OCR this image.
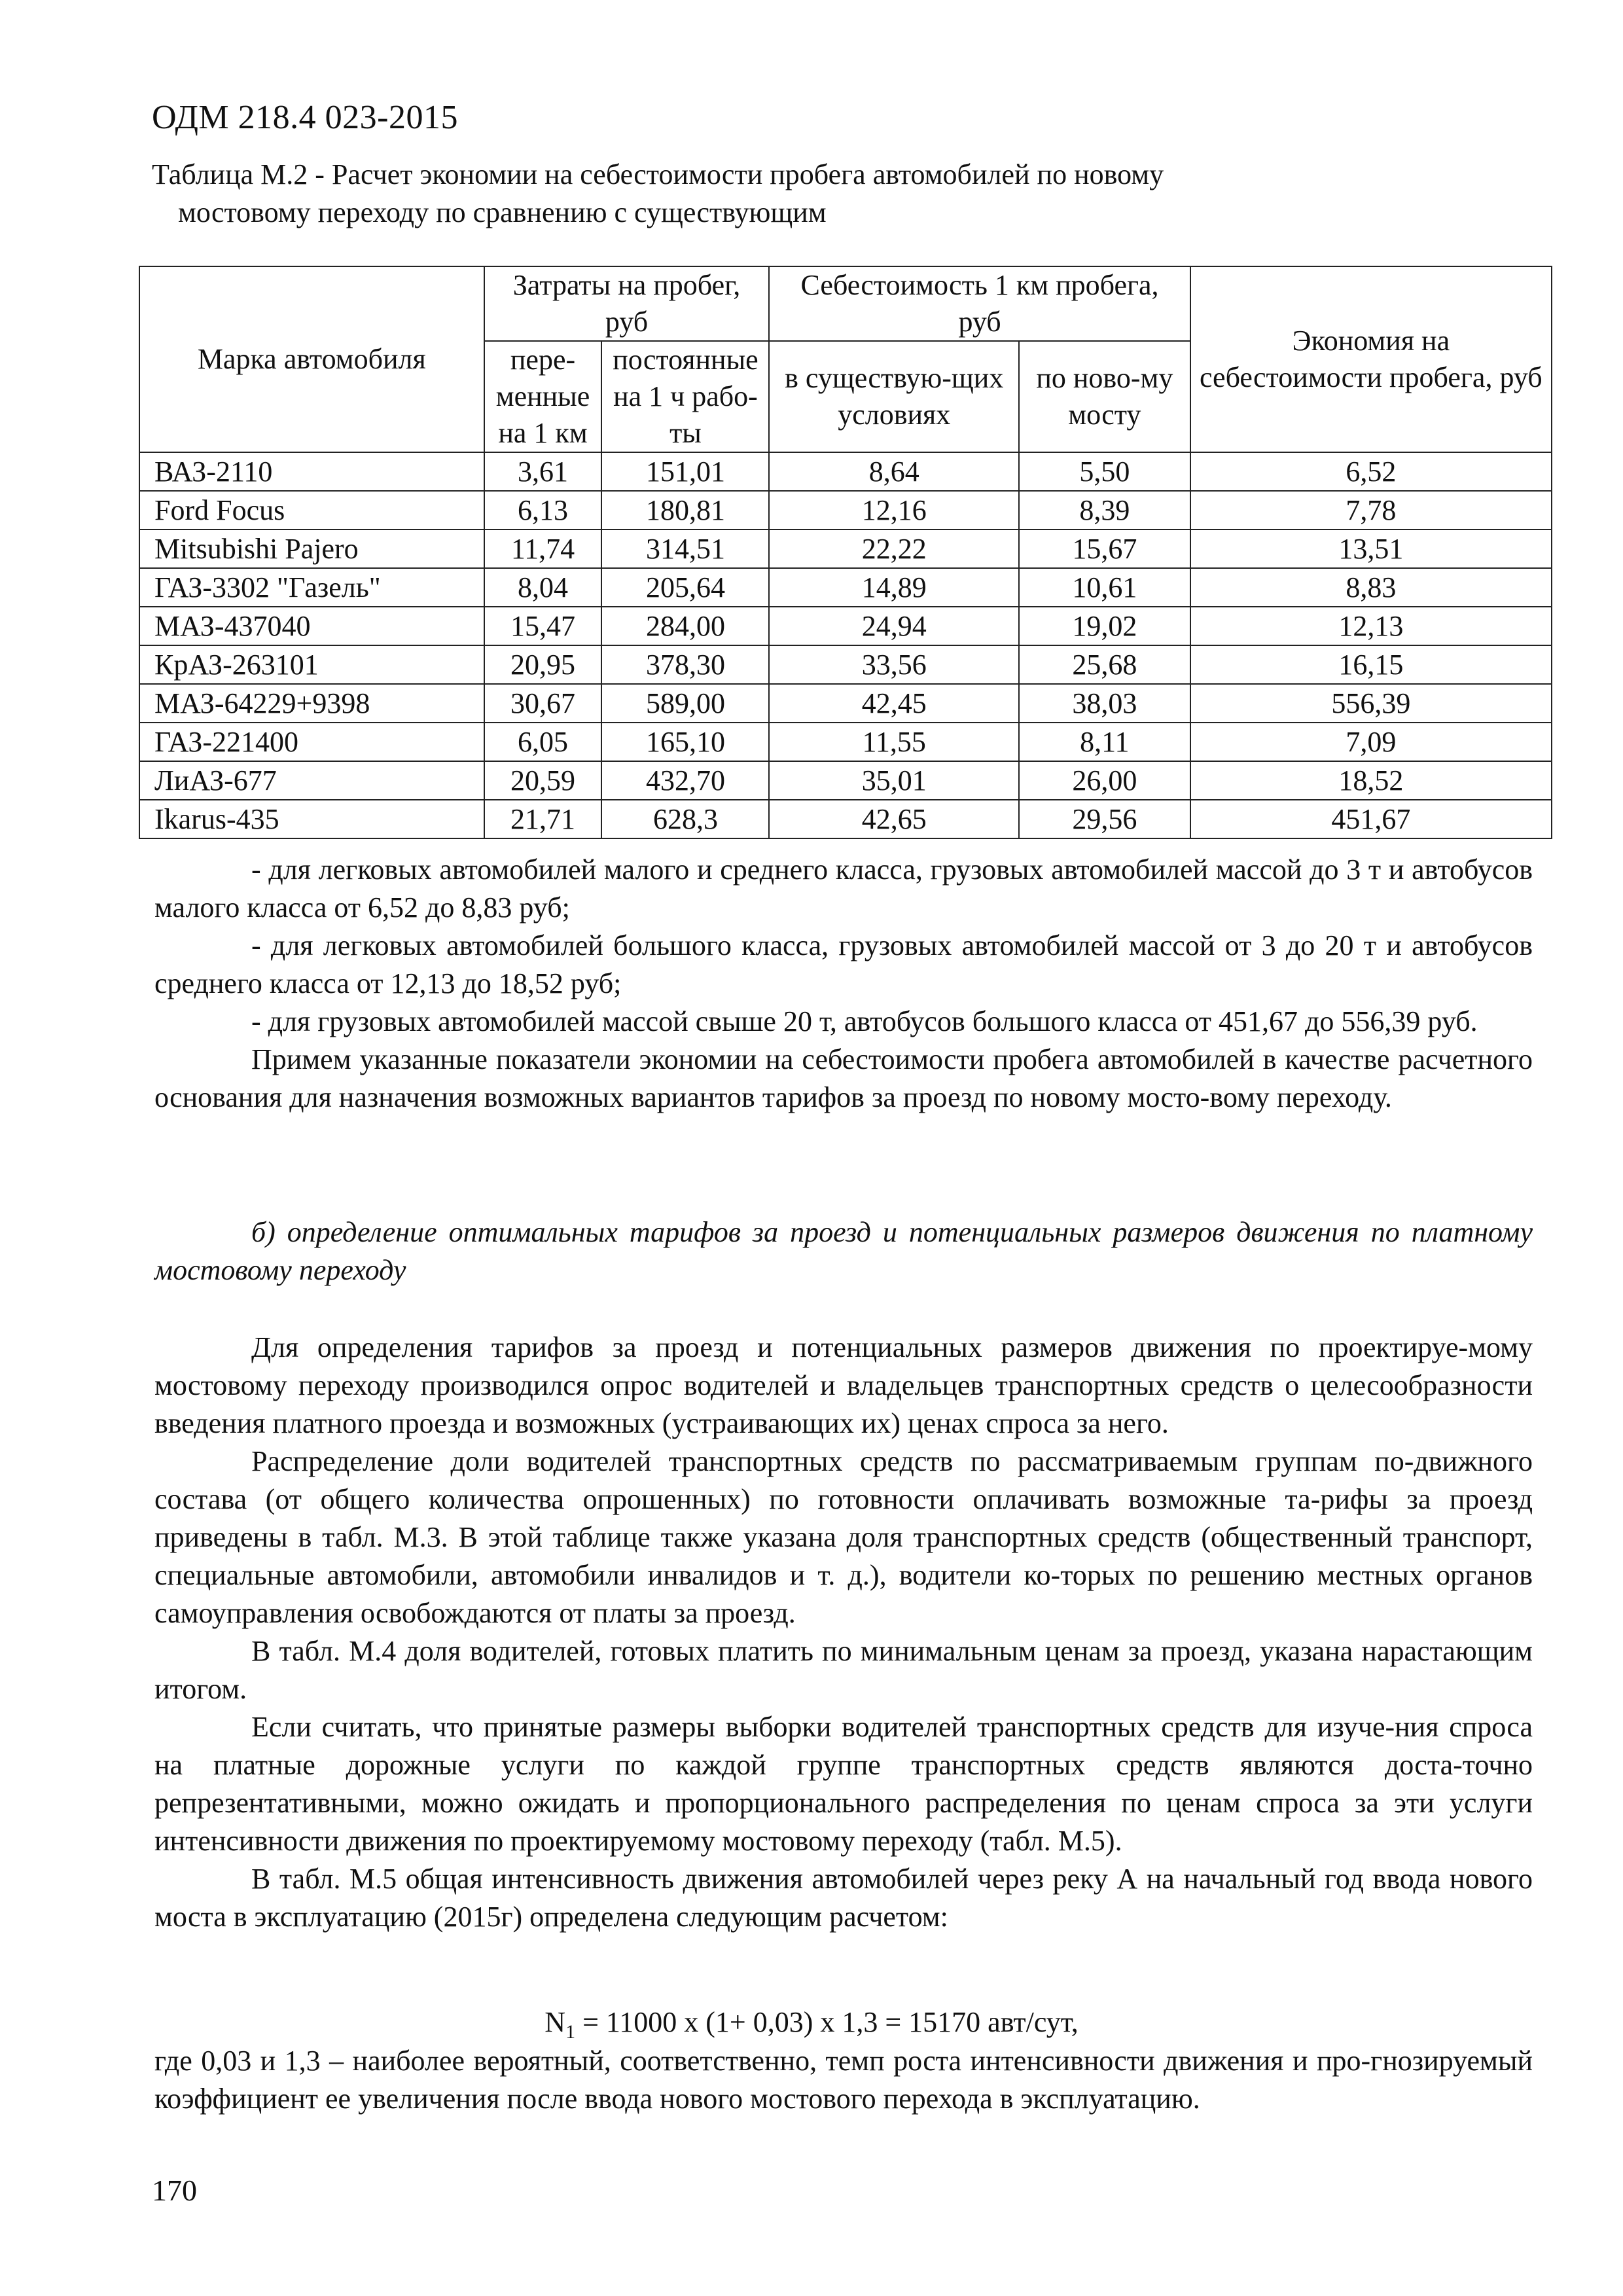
ОДМ 218.4 023-2015
Таблица М.2 - Расчет экономии на себестоимости пробега автомобилей по новому
мостовому переходу по сравнению с существующим
Марка автомобиля	Затраты на пробег, руб		Себестоимость 1 км пробега, руб		Экономия на себестоимости пробега, руб
	пере-менные на 1 км	постоянные на 1 ч рабо-ты	в существую-щих условиях	по ново-му мосту	
ВАЗ-2110	3,61	151,01	8,64	5,50	6,52
Ford Focus	6,13	180,81	12,16	8,39	7,78
Mitsubishi Pajero	11,74	314,51	22,22	15,67	13,51
ГАЗ-3302 "Газель"	8,04	205,64	14,89	10,61	8,83
МАЗ-437040	15,47	284,00	24,94	19,02	12,13
КрАЗ-263101	20,95	378,30	33,56	25,68	16,15
МАЗ-64229+9398	30,67	589,00	42,45	38,03	556,39
ГАЗ-221400	6,05	165,10	11,55	8,11	7,09
ЛиАЗ-677	20,59	432,70	35,01	26,00	18,52
Ikarus-435	21,71	628,3	42,65	29,56	451,67

- для легковых автомобилей малого и среднего класса, грузовых автомобилей массой до 3 т и автобусов малого класса от 6,52 до 8,83 руб;

- для легковых автомобилей большого класса, грузовых автомобилей массой от 3 до 20 т и автобусов среднего класса от 12,13 до 18,52 руб;

- для грузовых автомобилей массой свыше 20 т, автобусов большого класса от 451,67 до 556,39 руб.

Примем указанные показатели экономии на себестоимости пробега автомобилей в качестве расчетного основания для назначения возможных вариантов тарифов за проезд по новому мосто-вому переходу.

б) определение оптимальных тарифов за проезд и потенциальных размеров движения по платному мостовому переходу

Для определения тарифов за проезд и потенциальных размеров движения по проектируе-мому мостовому переходу производился опрос водителей и владельцев транспортных средств о целесообразности введения платного проезда и возможных (устраивающих их) ценах спроса за него.

Распределение доли водителей транспортных средств по рассматриваемым группам по-движного состава (от общего количества опрошенных) по готовности оплачивать возможные та-рифы за проезд приведены в табл. М.3. В этой таблице также указана доля транспортных средств (общественный транспорт, специальные автомобили, автомобили инвалидов и т. д.), водители ко-торых по решению местных органов самоуправления освобождаются от платы за проезд.

В табл. М.4 доля водителей, готовых платить по минимальным ценам за проезд, указана нарастающим итогом.

Если считать, что принятые размеры выборки водителей транспортных средств для изуче-ния спроса на платные дорожные услуги по каждой группе транспортных средств являются доста-точно репрезентативными, можно ожидать и пропорционального распределения по ценам спроса за эти услуги интенсивности движения по проектируемому мостовому переходу (табл. М.5).

В табл. М.5 общая интенсивность движения автомобилей через реку А на начальный год ввода нового моста в эксплуатацию (2015г) определена следующим расчетом:

$N_1 = 11000$ х (1+ 0,03) х 1,3 = 15170 авт/сут,

где 0,03 и 1,3 – наиболее вероятный, соответственно, темп роста интенсивности движения и про-гнозируемый коэффициент ее увеличения после ввода нового мостового перехода в эксплуатацию.

170
